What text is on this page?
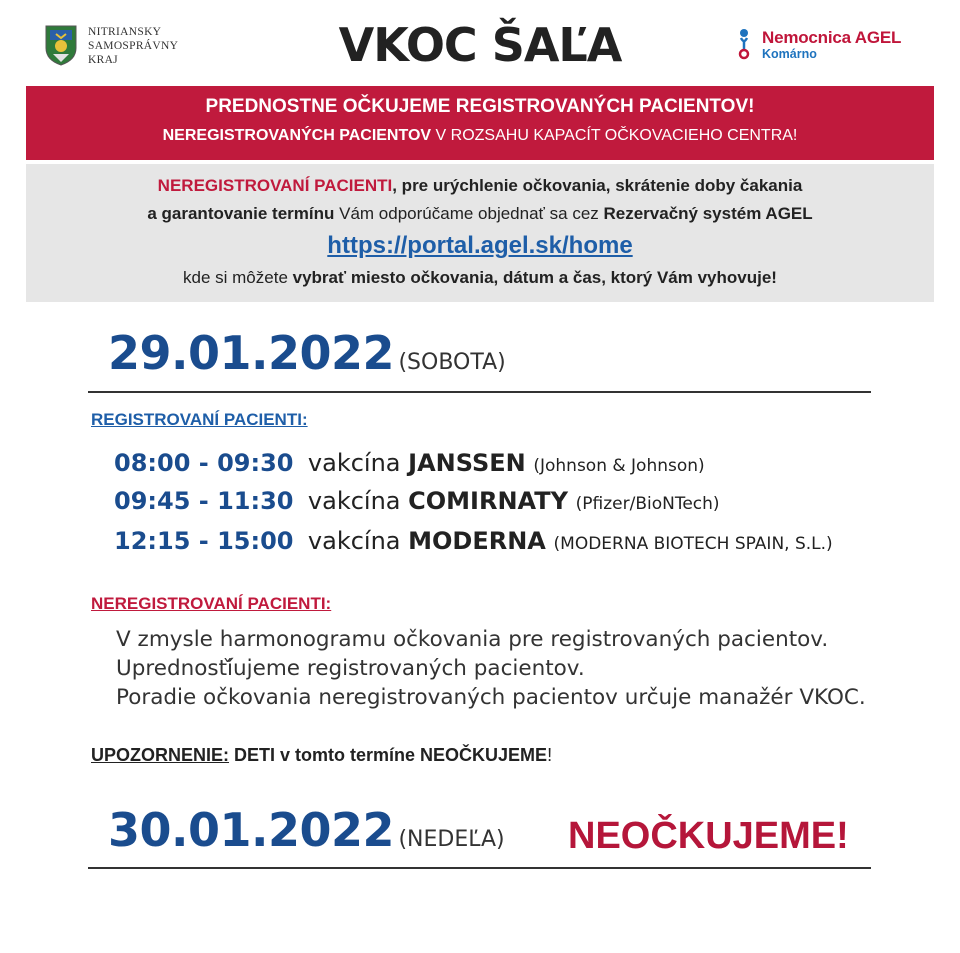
NITRIANSKY
SAMOSPRÁVNY
KRAJ	VKOC ŠAĽA	Nemocnica AGEL
Komárno
PREDNOSTNE OČKUJEME REGISTROVANÝCH PACIENTOV!
NEREGISTROVANÝCH PACIENTOV V ROZSAHU KAPACÍT OČKOVACIEHO CENTRA!
NEREGISTROVANÍ PACIENTI, pre urýchlenie očkovania, skrátenie doby čakania
a garantovanie termínu Vám odporúčame objednať sa cez Rezervačný systém AGEL
https://portal.agel.sk/home
kde si môžete vybrať miesto očkovania, dátum a čas, ktorý Vám vyhovuje!
29.01.2022 (SOBOTA)
REGISTROVANÍ PACIENTI:
08:00 - 09:30 vakcína JANSSEN (Johnson & Johnson)
09:45 - 11:30 vakcína COMIRNATY (Pfizer/BioNTech)
12:15 - 15:00 vakcína MODERNA (MODERNA BIOTECH SPAIN, S.L.)
NEREGISTROVANÍ PACIENTI:
V zmysle harmonogramu očkovania pre registrovaných pacientov.
Upredností̌ujeme registrovaných pacientov.
Poradie očkovania neregistrovaných pacientov určuje manažér VKOC.
UPOZORNENIE: DETI v tomto termíne NEOČKUJEME!
30.01.2022 (NEDEĽA) NEOČKUJEME!
